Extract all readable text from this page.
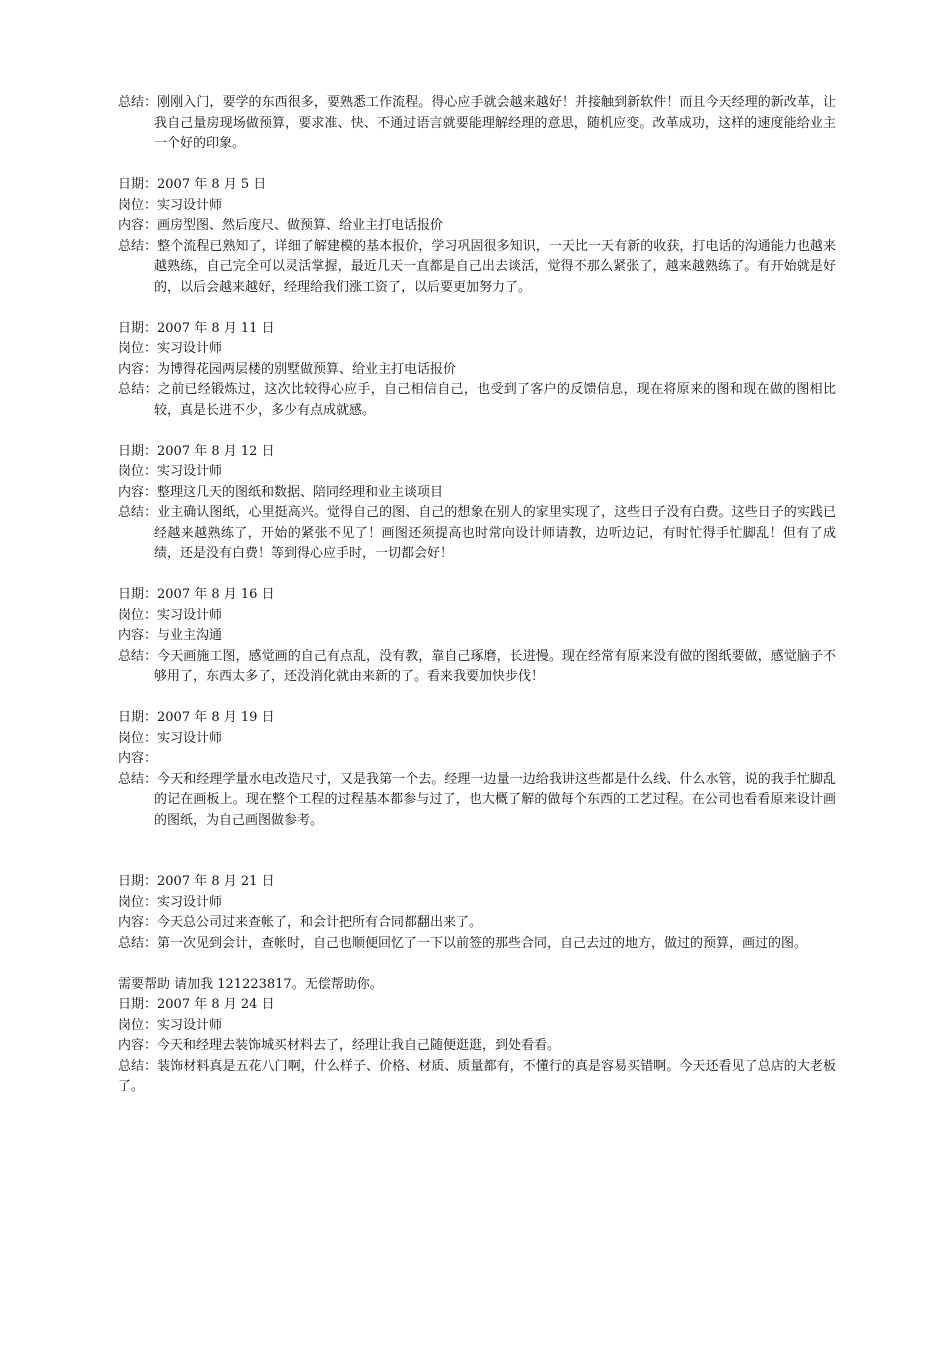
总结：刚刚入门，要学的东西很多，要熟悉工作流程。得心应手就会越来越好！并接触到新软件！而且今天经理的新改革，让我自己量房现场做预算，要求准、快、不通过语言就要能理解经理的意思，随机应变。改革成功，这样的速度能给业主一个好的印象。
日期：2007 年 8 月 5 日
岗位：实习设计师
内容：画房型图、然后度尺、做预算、给业主打电话报价
总结：整个流程已熟知了，详细了解建模的基本报价，学习巩固很多知识，一天比一天有新的收获，打电话的沟通能力也越来越熟练，自己完全可以灵活掌握，最近几天一直都是自己出去谈活，觉得不那么紧张了，越来越熟练了。有开始就是好的，以后会越来越好，经理给我们涨工资了，以后要更加努力了。
日期：2007 年 8 月 11 日
岗位：实习设计师
内容：为博得花园两层楼的别墅做预算、给业主打电话报价
总结：之前已经锻炼过，这次比较得心应手，自己相信自己，也受到了客户的反馈信息，现在将原来的图和现在做的图相比较，真是长进不少，多少有点成就感。
日期：2007 年 8 月 12 日
岗位：实习设计师
内容：整理这几天的图纸和数据、陪同经理和业主谈项目
总结：业主确认图纸，心里挺高兴。觉得自己的图、自己的想象在别人的家里实现了，这些日子没有白费。这些日子的实践已经越来越熟练了，开始的紧张不见了！画图还须提高也时常向设计师请教，边听边记，有时忙得手忙脚乱！但有了成绩，还是没有白费！等到得心应手时，一切都会好！
日期：2007 年 8 月 16 日
岗位：实习设计师
内容：与业主沟通
总结：今天画施工图，感觉画的自己有点乱，没有教，靠自己琢磨，长进慢。现在经常有原来没有做的图纸要做，感觉脑子不够用了，东西太多了，还没消化就由来新的了。看来我要加快步伐！
日期：2007 年 8 月 19 日
岗位：实习设计师
内容：
总结：今天和经理学量水电改造尺寸，又是我第一个去。经理一边量一边给我讲这些都是什么线、什么水管，说的我手忙脚乱的记在画板上。现在整个工程的过程基本都参与过了，也大概了解的做每个东西的工艺过程。在公司也看看原来设计画的图纸，为自己画图做参考。
日期：2007 年 8 月 21 日
岗位：实习设计师
内容：今天总公司过来查帐了，和会计把所有合同都翻出来了。
总结：第一次见到会计，查帐时，自己也顺便回忆了一下以前签的那些合同，自己去过的地方，做过的预算，画过的图。
需要帮助 请加我 121223817。无偿帮助你。
日期：2007 年 8 月 24 日
岗位：实习设计师
内容：今天和经理去装饰城买材料去了，经理让我自己随便逛逛，到处看看。
总结：装饰材料真是五花八门啊，什么样子、价格、材质、质量都有，不懂行的真是容易买错啊。今天还看见了总店的大老板了。
